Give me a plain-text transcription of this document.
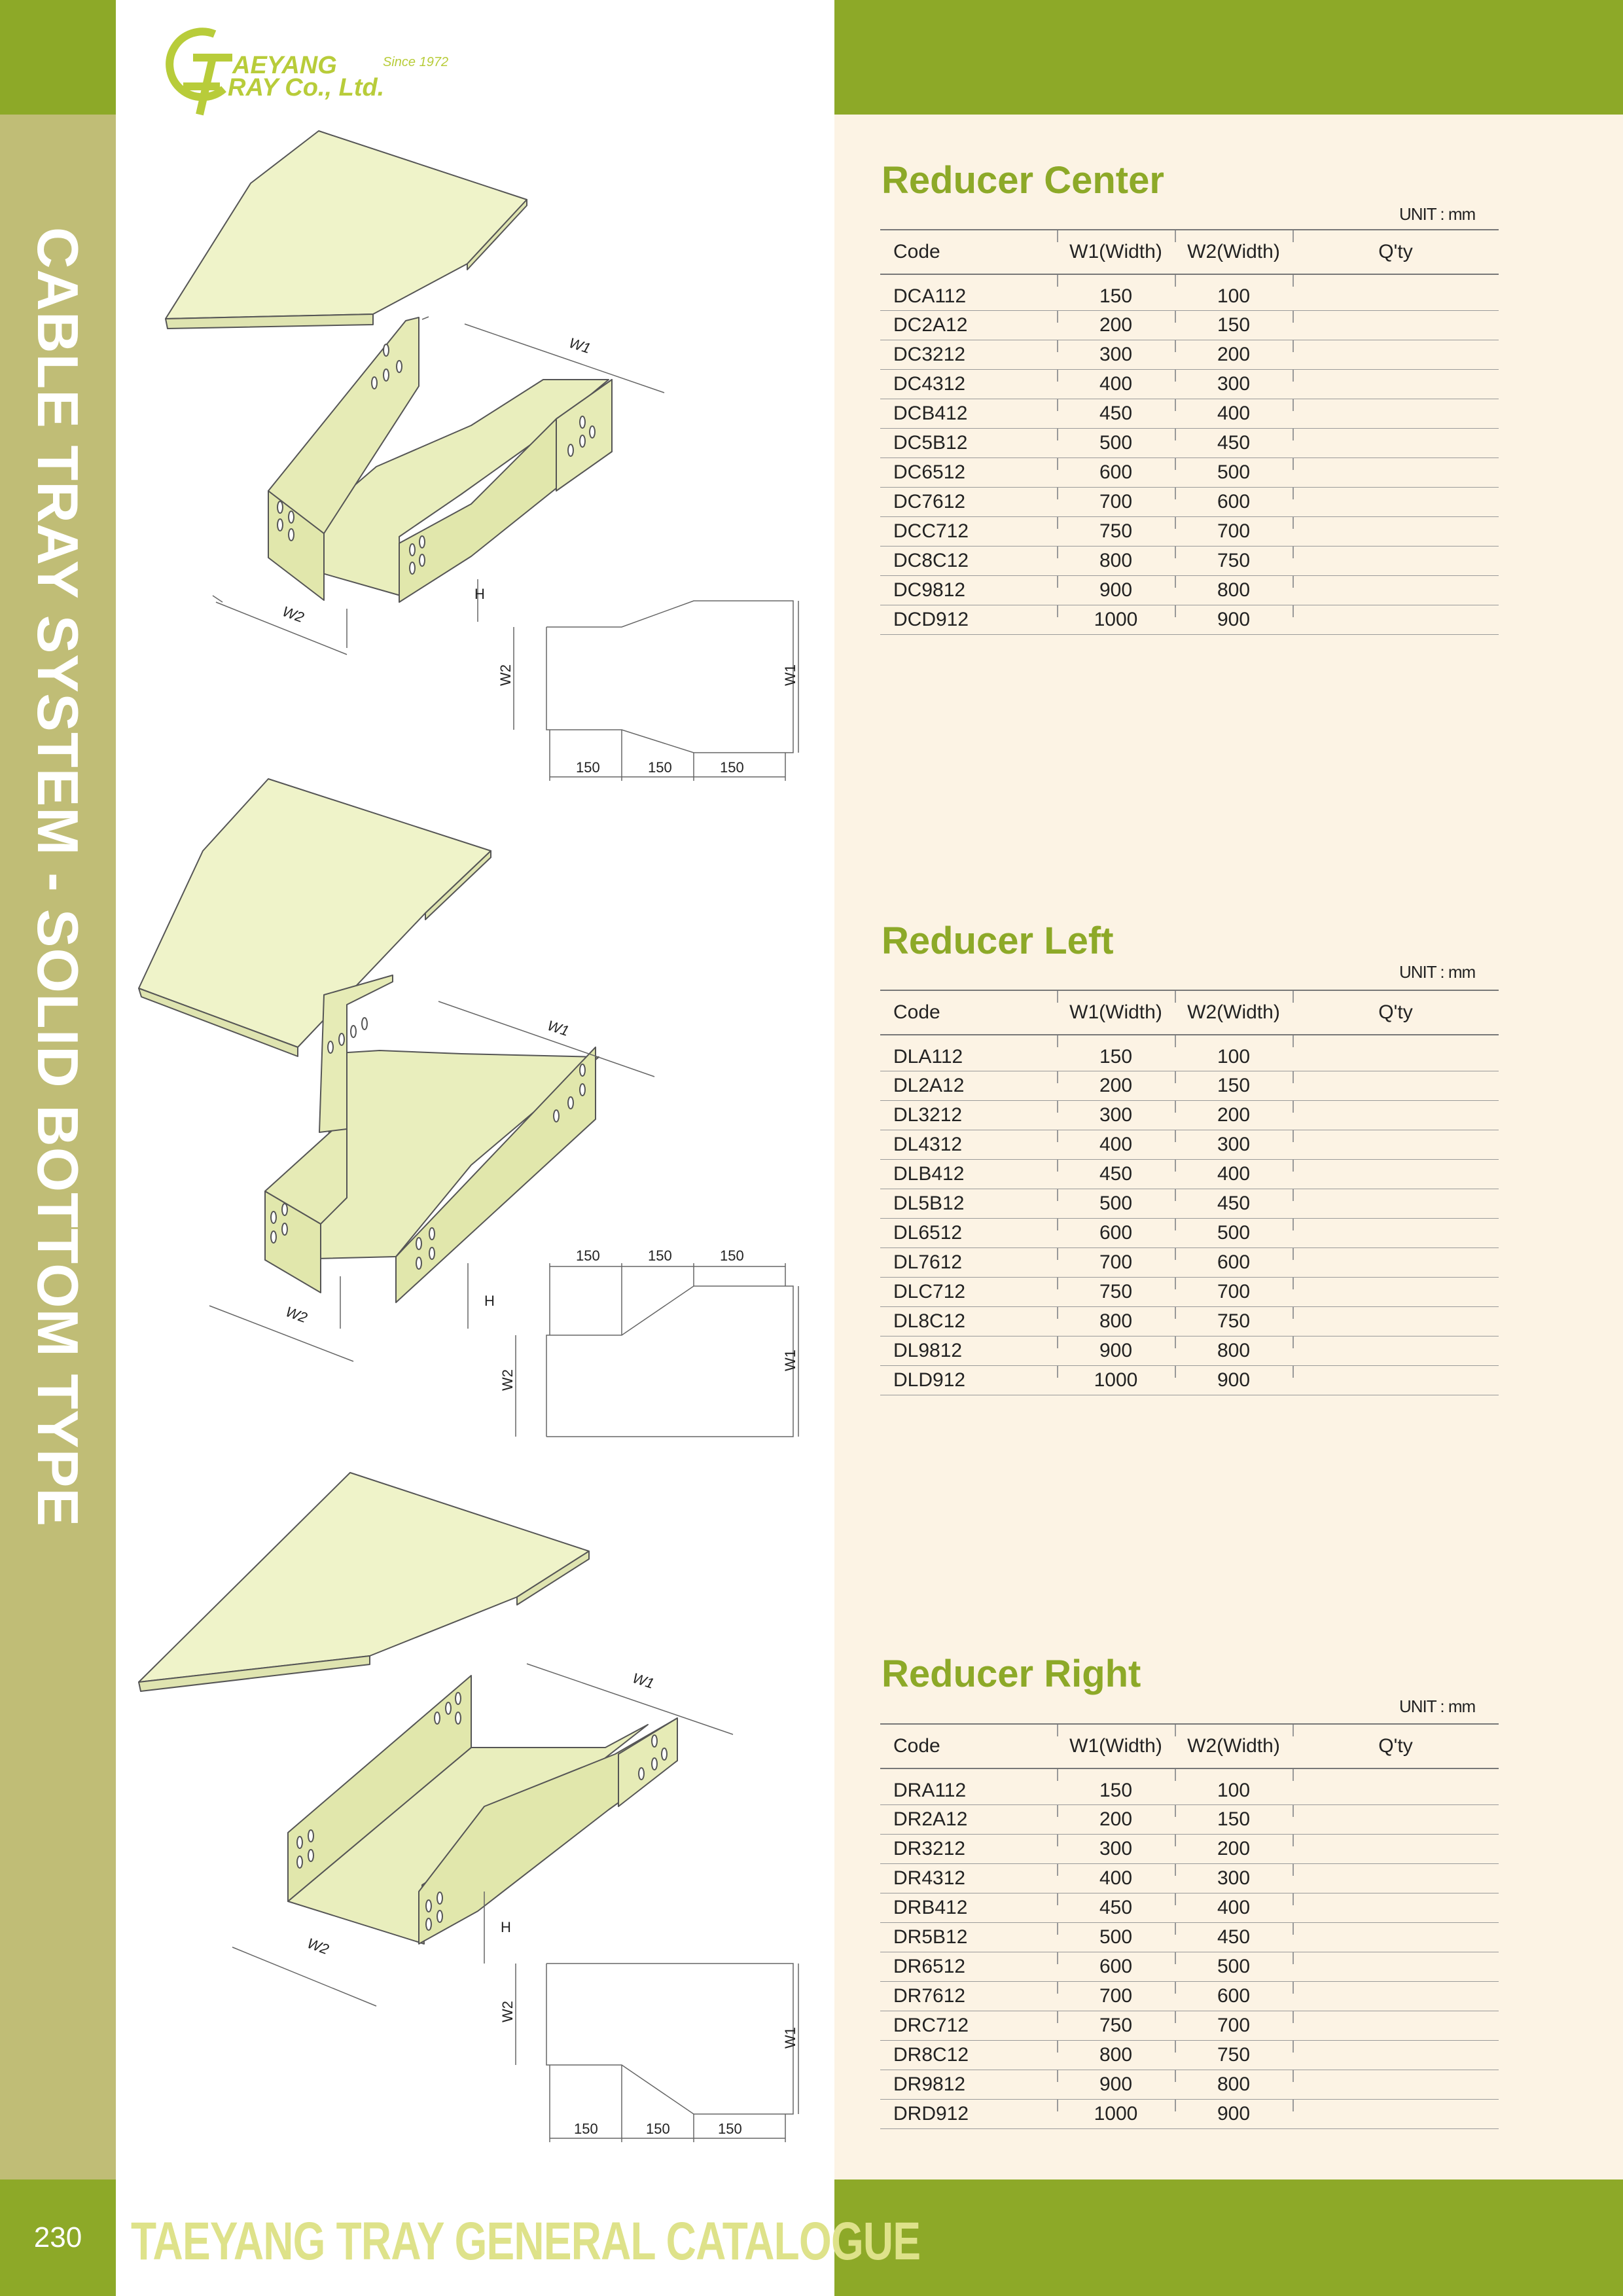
CABLE TRAY SYSTEM - SOLID BOTTOM TYPE
230 TAEYANG TRAY GENERAL CATALOGUE
AEYANG	Since 1972
RAY Co., Ltd.
W1
W2
H
150	150	150
W2	W1
W1
W2
H
150	150	150
W2
W1
W1
W2
H
150	150	150
W2
W1
Reducer Center
UNIT : mm
Code	W1(Width)	W2(Width)	Q'ty
DCA112	150	100	
DC2A12	200	150	
DC3212	300	200	
DC4312	400	300	
DCB412	450	400	
DC5B12	500	450	
DC6512	600	500	
DC7612	700	600	
DCC712	750	700	
DC8C12	800	750	
DC9812	900	800	
DCD912	1000	900	
Reducer Left
UNIT : mm
Code	W1(Width)	W2(Width)	Q'ty
DLA112	150	100	
DL2A12	200	150	
DL3212	300	200	
DL4312	400	300	
DLB412	450	400	
DL5B12	500	450	
DL6512	600	500	
DL7612	700	600	
DLC712	750	700	
DL8C12	800	750	
DL9812	900	800	
DLD912	1000	900	
Reducer Right
UNIT : mm
Code	W1(Width)	W2(Width)	Q'ty
DRA112	150	100	
DR2A12	200	150	
DR3212	300	200	
DR4312	400	300	
DRB412	450	400	
DR5B12	500	450	
DR6512	600	500	
DR7612	700	600	
DRC712	750	700	
DR8C12	800	750	
DR9812	900	800	
DRD912	1000	900	
